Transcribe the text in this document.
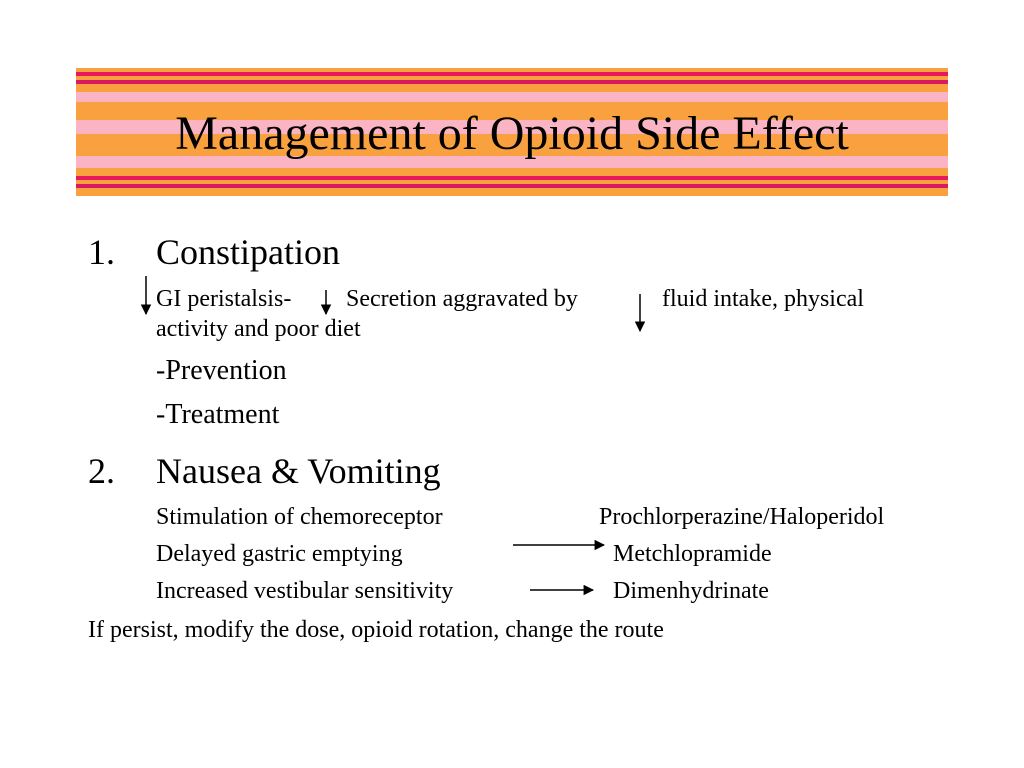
Management of Opioid Side Effect

1. Constipation

GI peristalsis- Secretion aggravated by	fluid intake, physical

activity and poor diet

-Prevention

-Treatment

2. Nausea & Vomiting

Stimulation of chemoreceptor	Prochlorperazine/Haloperidol

Delayed gastric emptying	Metchlopramide

Increased vestibular sensitivity	Dimenhydrinate

If persist, modify the dose, opioid rotation, change the route
